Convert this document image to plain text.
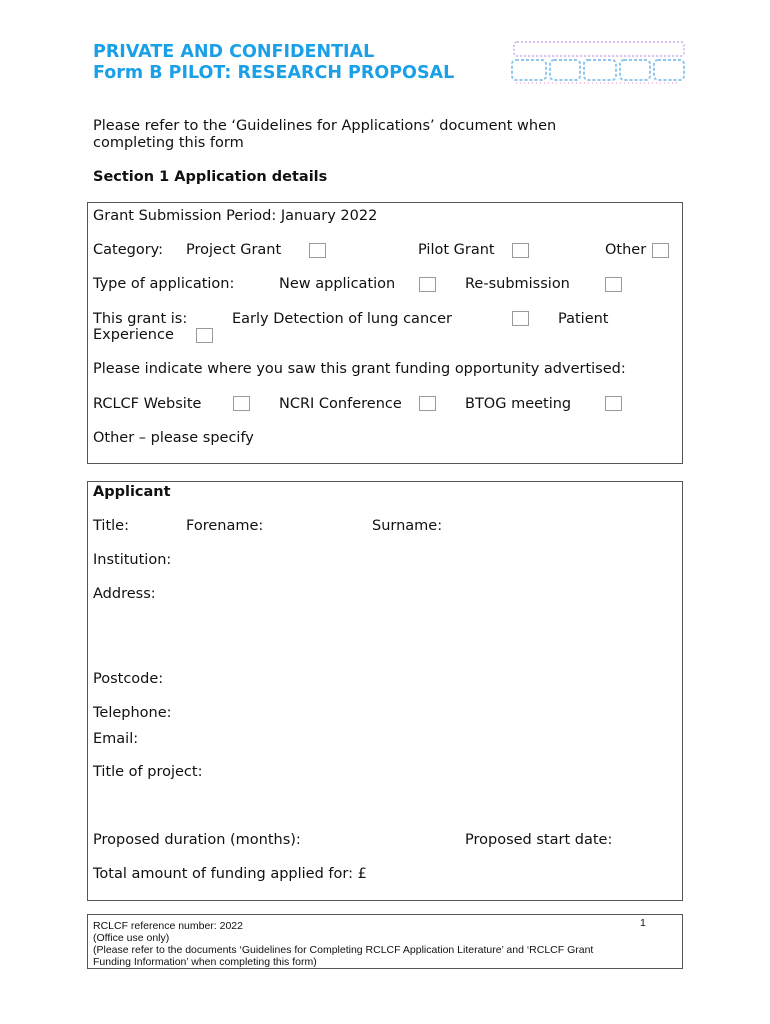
PRIVATE AND CONFIDENTIAL
Form B PILOT: RESEARCH PROPOSAL
Please refer to the ‘Guidelines for Applications’ document when
completing this form
Section 1 Application details
Grant Submission Period: January 2022
Category: Project Grant	Pilot Grant	Other
Type of application:	New application	Re-submission
This grant is:	Early Detection of lung cancer	Patient
Experience
Please indicate where you saw this grant funding opportunity advertised:
RCLCF Website	NCRI Conference	BTOG meeting
Other – please specify
Applicant
Title:	Forename:	Surname:
Institution:
Address:
Postcode:
Telephone:
Email:
Title of project:
Proposed duration (months):	Proposed start date:
Total amount of funding applied for: £
RCLCF reference number: 2022
(Office use only)
(Please refer to the documents ‘Guidelines for Completing RCLCF Application Literature’ and ‘RCLCF Grant
Funding Information’ when completing this form)
1
